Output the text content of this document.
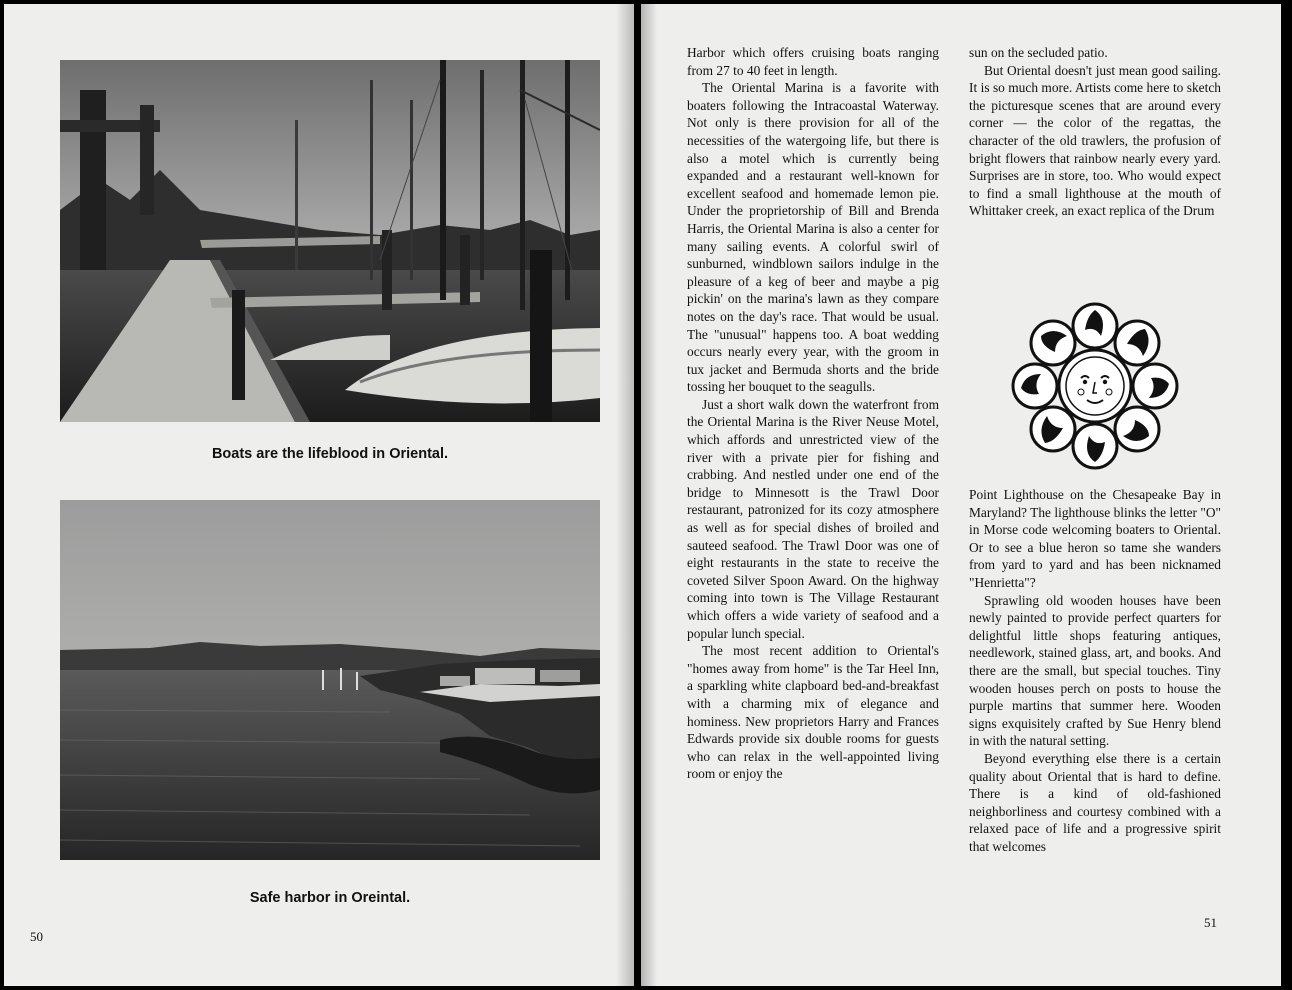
Boats are the lifeblood in Oriental.
Safe harbor in Oreintal.
50

Harbor which offers cruising boats ranging from 27 to 40 feet in length.

The Oriental Marina is a favorite with boaters following the Intracoastal Waterway. Not only is there provision for all of the necessities of the watergoing life, but there is also a motel which is currently being expanded and a restaurant well-known for excellent seafood and homemade lemon pie. Under the proprietorship of Bill and Brenda Harris, the Oriental Marina is also a center for many sailing events. A colorful swirl of sunburned, windblown sailors indulge in the pleasure of a keg of beer and maybe a pig pickin' on the marina's lawn as they compare notes on the day's race. That would be usual. The "unusual" happens too. A boat wedding occurs nearly every year, with the groom in tux jacket and Bermuda shorts and the bride tossing her bouquet to the seagulls.

Just a short walk down the waterfront from the Oriental Marina is the River Neuse Motel, which affords and unrestricted view of the river with a private pier for fishing and crabbing. And nestled under one end of the bridge to Minnesott is the Trawl Door restaurant, patronized for its cozy atmosphere as well as for special dishes of broiled and sauteed seafood. The Trawl Door was one of eight restaurants in the state to receive the coveted Silver Spoon Award. On the highway coming into town is The Village Restaurant which offers a wide variety of seafood and a popular lunch special.

The most recent addition to Oriental's "homes away from home" is the Tar Heel Inn, a sparkling white clapboard bed-and-breakfast with a charming mix of elegance and hominess. New proprietors Harry and Frances Edwards provide six double rooms for guests who can relax in the well-appointed living room or enjoy the

sun on the secluded patio.

But Oriental doesn't just mean good sailing. It is so much more. Artists come here to sketch the picturesque scenes that are around every corner — the color of the regattas, the character of the old trawlers, the profusion of bright flowers that rainbow nearly every yard. Surprises are in store, too. Who would expect to find a small lighthouse at the mouth of Whittaker creek, an exact replica of the Drum

Point Lighthouse on the Chesapeake Bay in Maryland? The lighthouse blinks the letter "O" in Morse code welcoming boaters to Oriental. Or to see a blue heron so tame she wanders from yard to yard and has been nicknamed "Henrietta"?

Sprawling old wooden houses have been newly painted to provide perfect quarters for delightful little shops featuring antiques, needlework, stained glass, art, and books. And there are the small, but special touches. Tiny wooden houses perch on posts to house the purple martins that summer here. Wooden signs exquisitely crafted by Sue Henry blend in with the natural setting.

Beyond everything else there is a certain quality about Oriental that is hard to define. There is a kind of old-fashioned neighborliness and courtesy combined with a relaxed pace of life and a progressive spirit that welcomes

51
